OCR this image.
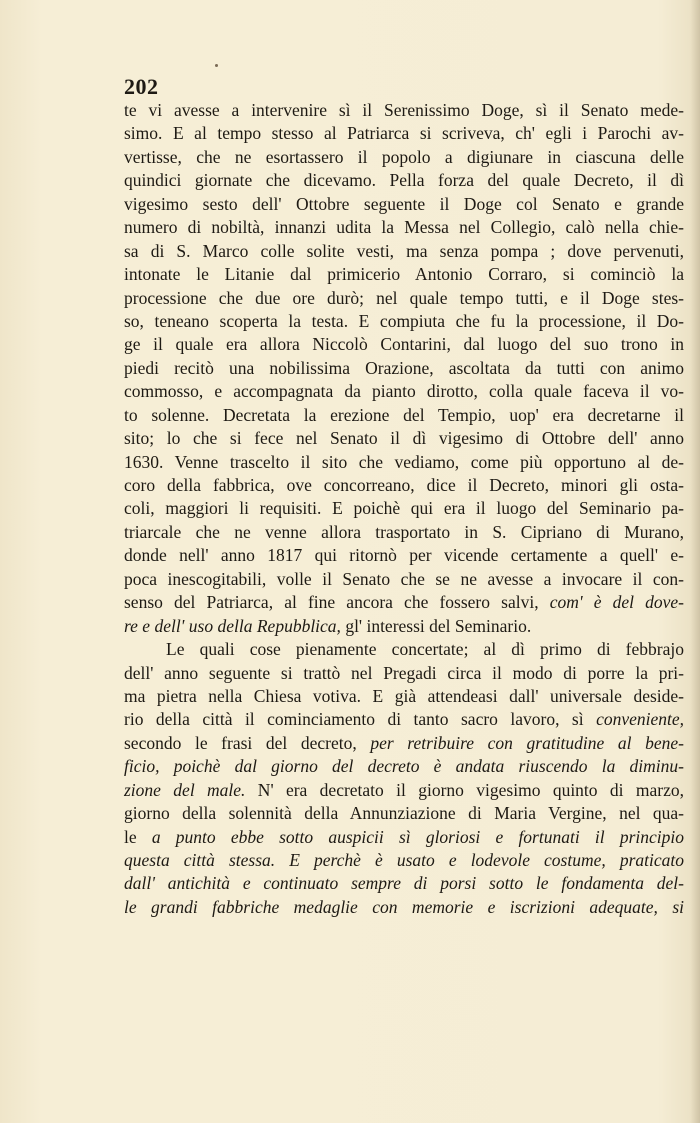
202
te vi avesse a intervenire sì il Serenissimo Doge, sì il Senato mede-
simo. E al tempo stesso al Patriarca si scriveva, ch' egli i Parochi av-
vertisse, che ne esortassero il popolo a digiunare in ciascuna delle
quindici giornate che dicevamo. Pella forza del quale Decreto, il dì
vigesimo sesto dell' Ottobre seguente il Doge col Senato e grande
numero di nobiltà, innanzi udita la Messa nel Collegio, calò nella chie-
sa di S. Marco colle solite vesti, ma senza pompa ; dove pervenuti,
intonate le Litanie dal primicerio Antonio Corraro, si cominciò la
processione che due ore durò; nel quale tempo tutti, e il Doge stes-
so, teneano scoperta la testa. E compiuta che fu la processione, il Do-
ge il quale era allora Niccolò Contarini, dal luogo del suo trono in
piedi recitò una nobilissima Orazione, ascoltata da tutti con animo
commosso, e accompagnata da pianto dirotto, colla quale faceva il vo-
to solenne. Decretata la erezione del Tempio, uop' era decretarne il
sito; lo che si fece nel Senato il dì vigesimo di Ottobre dell' anno
1630. Venne trascelto il sito che vediamo, come più opportuno al de-
coro della fabbrica, ove concorreano, dice il Decreto, minori gli osta-
coli, maggiori li requisiti. E poichè qui era il luogo del Seminario pa-
triarcale che ne venne allora trasportato in S. Cipriano di Murano,
donde nell' anno 1817 qui ritornò per vicende certamente a quell' e-
poca inescogitabili, volle il Senato che se ne avesse a invocare il con-
senso del Patriarca, al fine ancora che fossero salvi, com' è del dove-
re e dell' uso della Repubblica, gl' interessi del Seminario.
Le quali cose pienamente concertate; al dì primo di febbrajo
dell' anno seguente si trattò nel Pregadi circa il modo di porre la pri-
ma pietra nella Chiesa votiva. E già attendeasi dall' universale deside-
rio della città il cominciamento di tanto sacro lavoro, sì conveniente,
secondo le frasi del decreto, per retribuire con gratitudine al bene-
ficio, poichè dal giorno del decreto è andata riuscendo la diminu-
zione del male. N' era decretato il giorno vigesimo quinto di marzo,
giorno della solennità della Annunziazione di Maria Vergine, nel qua-
le a punto ebbe sotto auspicii sì gloriosi e fortunati il principio
questa città stessa. E perchè è usato e lodevole costume, praticato
dall' antichità e continuato sempre di porsi sotto le fondamenta del-
le grandi fabbriche medaglie con memorie e iscrizioni adequate, si
